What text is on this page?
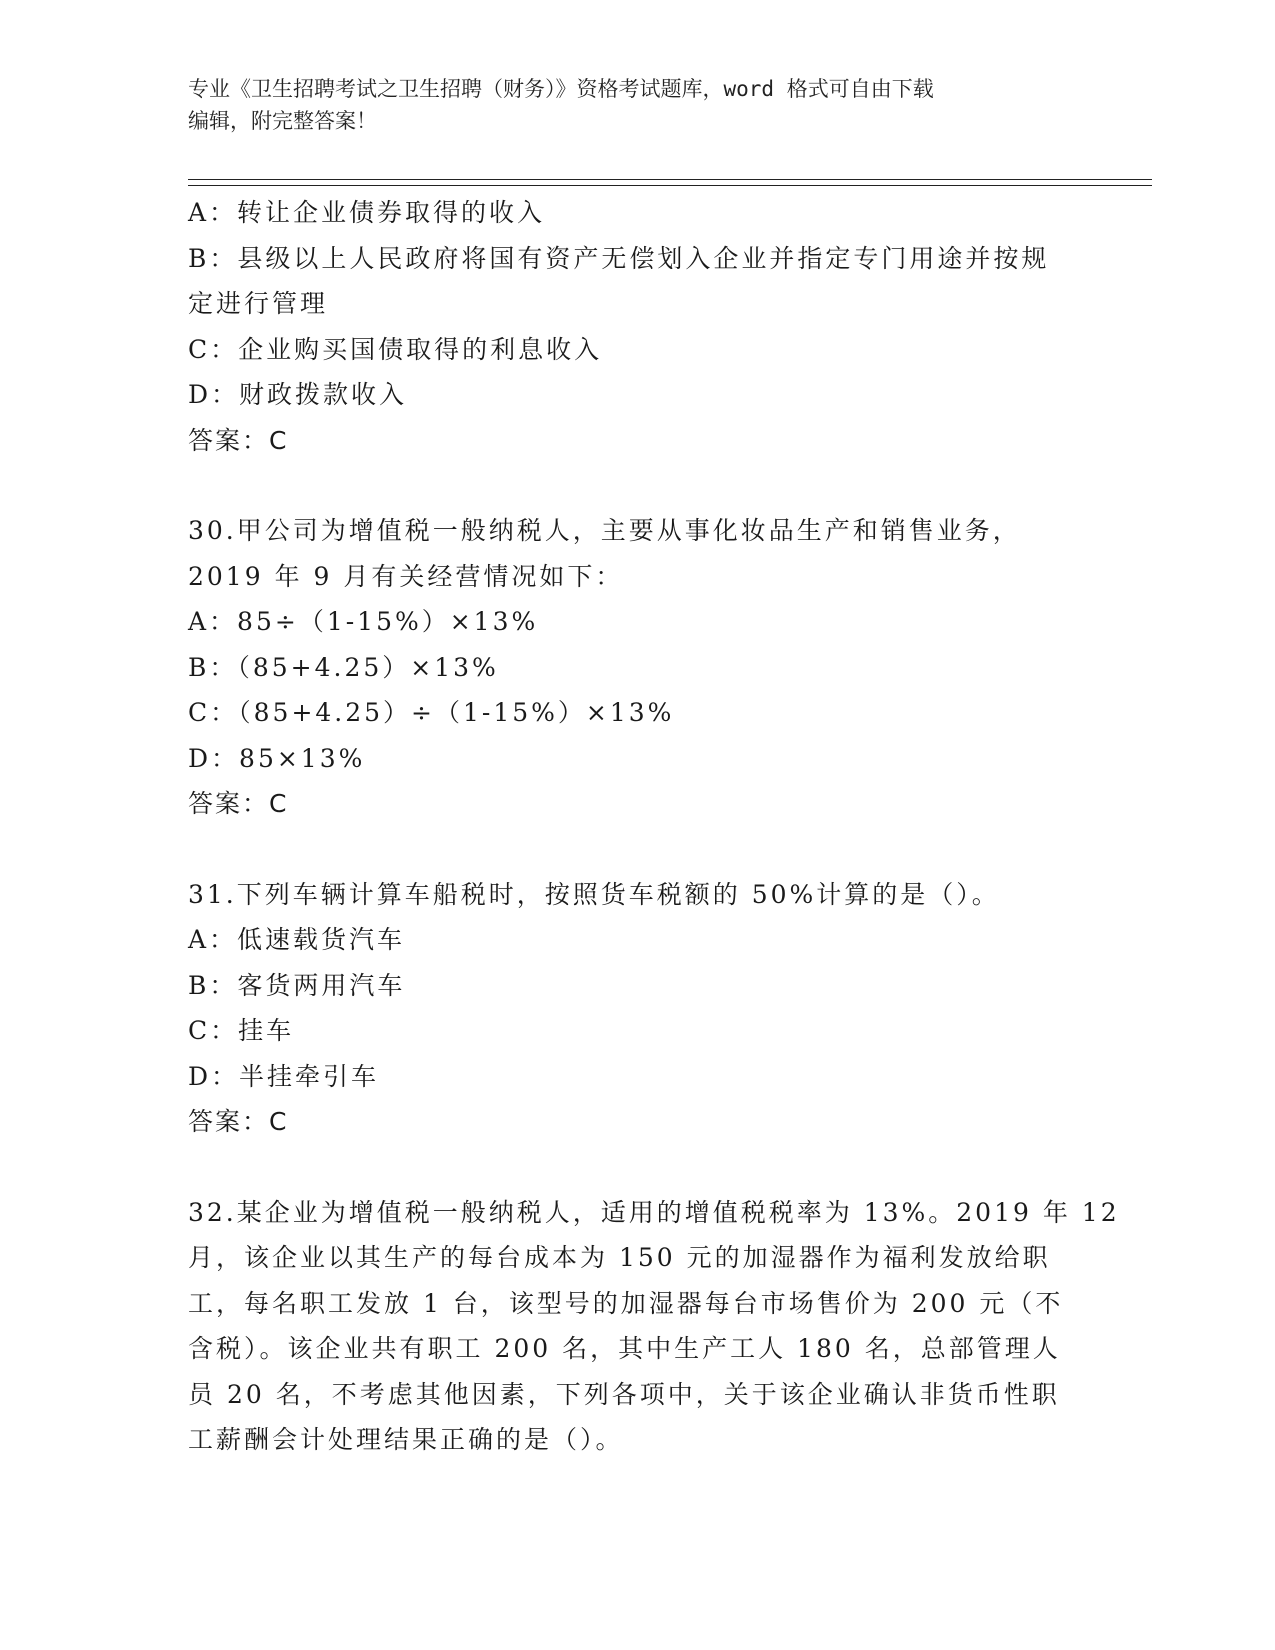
专业《卫生招聘考试之卫生招聘（财务）》资格考试题库，word 格式可自由下载
编辑，附完整答案！
A：转让企业债券取得的收入
B：县级以上人民政府将国有资产无偿划入企业并指定专门用途并按规
定进行管理
C：企业购买国债取得的利息收入
D：财政拨款收入
答案：C
30.甲公司为增值税一般纳税人，主要从事化妆品生产和销售业务，
2019 年 9 月有关经营情况如下：
A：85÷（1-15%）×13%
B：（85+4.25）×13%
C：（85+4.25）÷（1-15%）×13%
D：85×13%
答案：C
31.下列车辆计算车船税时，按照货车税额的 50%计算的是（）。
A：低速载货汽车
B：客货两用汽车
C：挂车
D：半挂牵引车
答案：C
32.某企业为增值税一般纳税人，适用的增值税税率为 13%。2019 年 12
月，该企业以其生产的每台成本为 150 元的加湿器作为福利发放给职
工，每名职工发放 1 台，该型号的加湿器每台市场售价为 200 元（不
含税）。该企业共有职工 200 名，其中生产工人 180 名，总部管理人
员 20 名，不考虑其他因素，下列各项中，关于该企业确认非货币性职
工薪酬会计处理结果正确的是（）。
